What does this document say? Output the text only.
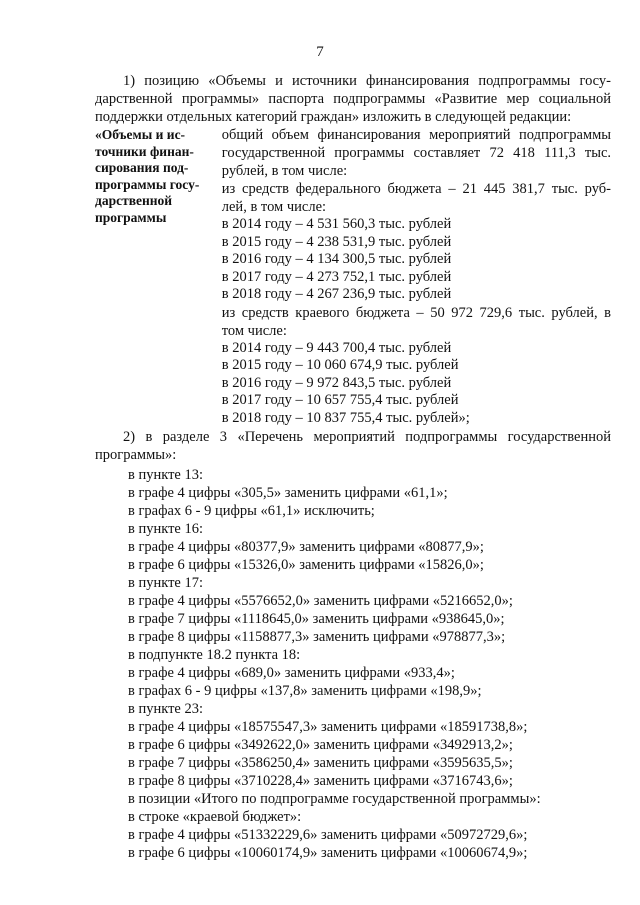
7
1) позицию «Объемы и источники финансирования подпрограммы госу-
дарственной программы» паспорта подпрограммы «Развитие мер социальной
поддержки отдельных категорий граждан» изложить в следующей редакции:
«Объемы и ис-
точники финан-
сирования под-
программы госу-
дарственной
программы
общий объем финансирования мероприятий подпрограммы
государственной программы составляет 72 418 111,3 тыс.
рублей, в том числе:
из средств федерального бюджета – 21 445 381,7 тыс. руб-
лей, в том числе:
в 2014 году – 4 531 560,3 тыс. рублей
в 2015 году – 4 238 531,9 тыс. рублей
в 2016 году – 4 134 300,5 тыс. рублей
в 2017 году – 4 273 752,1 тыс. рублей
в 2018 году – 4 267 236,9 тыс. рублей
из средств краевого бюджета – 50 972 729,6 тыс. рублей, в
том числе:
в 2014 году – 9 443 700,4 тыс. рублей
в 2015 году – 10 060 674,9 тыс. рублей
в 2016 году – 9 972 843,5 тыс. рублей
в 2017 году – 10 657 755,4 тыс. рублей
в 2018 году – 10 837 755,4 тыс. рублей»;
2) в разделе 3 «Перечень мероприятий подпрограммы государственной
программы»:
в пункте 13:
в графе 4 цифры «305,5» заменить цифрами «61,1»;
в графах 6 - 9 цифры «61,1» исключить;
в пункте 16:
в графе 4 цифры «80377,9» заменить цифрами «80877,9»;
в графе 6 цифры «15326,0» заменить цифрами «15826,0»;
в пункте 17:
в графе 4 цифры «5576652,0» заменить цифрами «5216652,0»;
в графе 7 цифры «1118645,0» заменить цифрами «938645,0»;
в графе 8 цифры «1158877,3» заменить цифрами «978877,3»;
в подпункте 18.2 пункта 18:
в графе 4 цифры «689,0» заменить цифрами «933,4»;
в графах 6 - 9 цифры «137,8» заменить цифрами «198,9»;
в пункте 23:
в графе 4 цифры «18575547,3» заменить цифрами «18591738,8»;
в графе 6 цифры «3492622,0» заменить цифрами «3492913,2»;
в графе 7 цифры «3586250,4» заменить цифрами «3595635,5»;
в графе 8 цифры «3710228,4» заменить цифрами «3716743,6»;
в позиции «Итого по подпрограмме государственной программы»:
в строке «краевой бюджет»:
в графе 4 цифры «51332229,6» заменить цифрами «50972729,6»;
в графе 6 цифры «10060174,9» заменить цифрами «10060674,9»;
